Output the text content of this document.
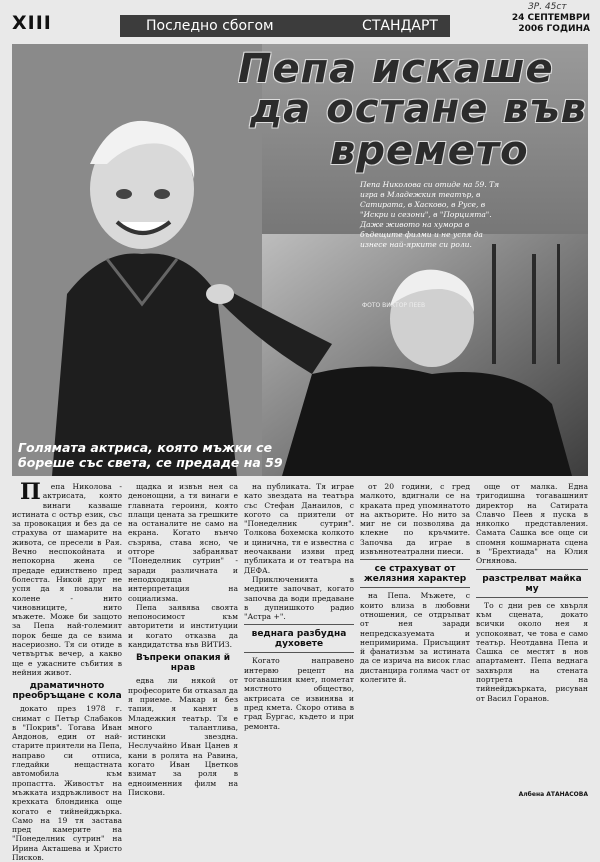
XIII	Последно сбогом	СТАНДАРТ	24 СЕПТЕМВРИ
2006 ГОДИНА
ЗР. 45ст
Пепа искаше
да остане във
времето
Пепа Николова си отиде на 59. Тя игра в Младежкия театър, в Сатирата, в Хасково, в Русе, в "Искри и сезони", в "Порцията". Даже живото на хумора в бъдещите филми и не успя да изнесе най-ярките си роли.
ФОТО ВИКТОР ПЕЕВ
Голямата актриса, която мъжки се бореше със света, се предаде на 59

П епа Николова - актрисата, която винаги казваше истината с остър език, със за провокация и без да се страхува от шамарите на живота, се пресели в Рая. Вечно неспокойната и непокорна жена се предаде единствено пред болестта. Никой друг не успя да я повали на колене - нито чиновниците, нито мъжете. Може би защото за Пепа най-големият порок беше да се взима насериозно. Тя си отиде в четвъртък вечер, а какво ще е ужасните събития в нейния живот.

драматичното преобръщане с кола

докато през 1978 г. снимат с Петър Слабаков в "Покрив". Тогава Иван Андонов, един от най-старите приятели на Пепа, направо си отписа, гледайки нещастната автомобила към пропастта. Живостът на мъжката издръжливост на крехката блондинка още когато е тийнейджърка. Само на 19 тя застава пред камерите на "Понеделник сутрин" на Ирина Акташева и Христо Писков.

щадка и извън нея са денонощни, а тя винаги е главната героиня, която плащи цената за грешките на останалите не само на екрана. Когато вънчо съзрява, става ясно, че отгоре забраняват "Понеделник сутрин" - заради различната и неподходяща интерпретация на социализма.

Пепа заявява своята непоносимост към авторитети и институции и когато отказва да кандидатства във ВИТИЗ.

Въпреки опакия й нрав

едва ли някой от професорите би отказал да я приеме. Макар и без тапия, я канят в Младежкия театър. Тя е много талантлива, истински звездна. Неслучайно Иван Цанев я кани в ролята на Равина, когато Иван Цветков взимат за роля в едноименния филм на Пискови.

на публиката. Тя играе като звездата на театъра със Стефан Данаилов, с когото са приятели от "Понеделник сутрин". Толкова бохемска колкото и цинична, тя е известна с неочаквани изяви пред публиката и от театъра на ДЕФА.

Приключенията в медиите започват, когато започва да води предаване в дупнишкото радио "Астра +".

веднага разбудна духовете

Когато направено интервю рецепт на тогавашния кмет, пометат мястното общество, актрисата се извинява и пред кмета. Скоро отива в град Бургас, където и при ремонта.

от 20 години, с гред малкото, вдигнали се на краката пред упомянатото на актьорите. Но нито за миг не си позволява да клекне по кръчмите. Започва да играе в извъннотеатрални пиеси.

се страхуват от желязния характер

на Пепа. Мъжете, с които влиза в любовни отношения, се отдръпват от нея заради непредсказуемата и непримирима. Присъщият й фанатизъм за истината да се изрича на висок глас дистанцира голяма част от колегите й.

още от малка. Една тригодишна тогавашният директор на Сатирата Славчо Пеев я пуска в няколко представления. Самата Сашка все още си спомня кошмарната сцена в "Брехтиада" на Юлия Огнянова.

разстрелват майка му

То с дни рев се хвърля към сцената, докато всички около нея я успокояват, че това е само театър. Неотдавна Пепа и Сашка се местят в нов апартамент. Пепа веднага захвърля на стената портрета на тийнейджърката, рисуван от Васил Горанов.

Албена АТАНАСОВА
